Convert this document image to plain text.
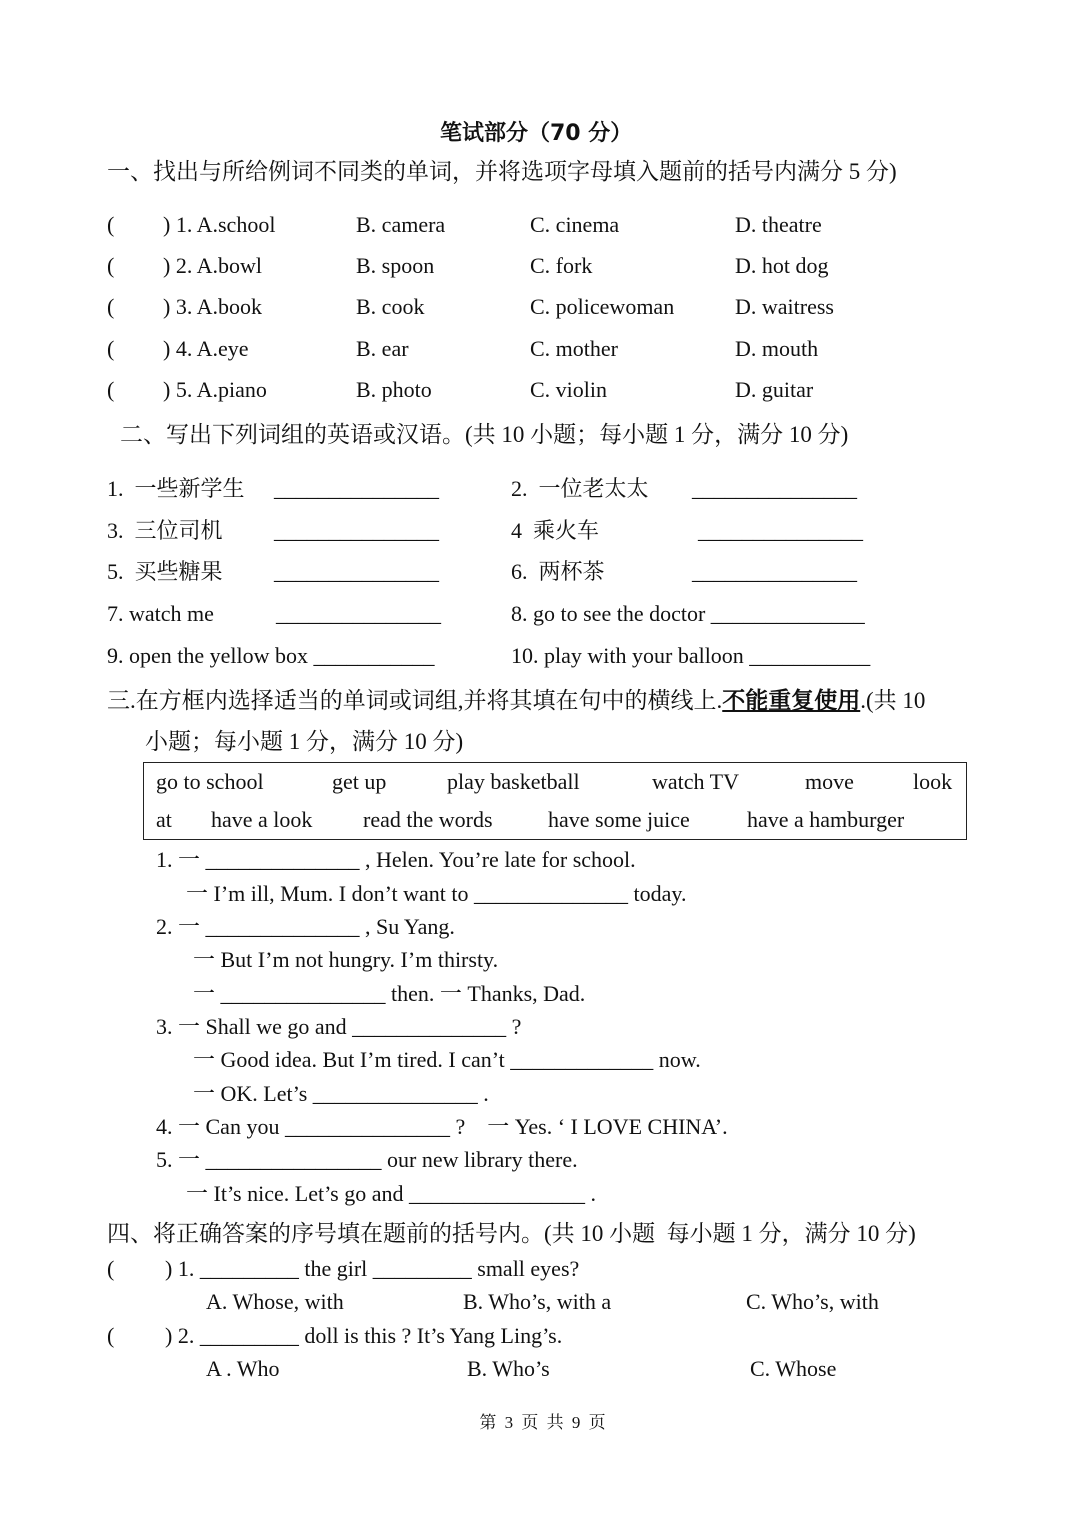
笔试部分（70 分）
一、找出与所给例词不同类的单词，并将选项字母填入题前的括号内满分 5 分)
( ) 1. A.school	B. camera	C. cinema	D. theatre
( ) 2. A.bowl	B. spoon	C. fork	D. hot dog
( ) 3. A.book	B. cook	C. policewoman	D. waitress
( ) 4. A.eye	B. ear	C. mother	D. mouth
( ) 5. A.piano	B. photo	C. violin	D. guitar
二、写出下列词组的英语或汉语。(共 10 小题；每小题 1 分，满分 10 分)
1.  一些新学生 _______________	2.  一位老太太 _______________
3.  三位司机 _______________	4  乘火车	_______________
5.  买些糖果 _______________	6.  两杯茶	_______________
7. watch me	_______________	8. go to see the doctor ______________
9. open the yellow box ___________	10. play with your balloon ___________
三.在方框内选择适当的单词或词组,并将其填在句中的横线上.不能重复使用.(共 10
小题；每小题 1 分，满分 10 分)
go to school	get up	play basketball	watch TV	move	look
at have a look read the words	have some juice	have a hamburger
1. 一 ______________ , Helen. You’re late for school.
一 I’m ill, Mum. I don’t want to ______________ today.
2. 一 ______________ , Su Yang.
一 But I’m not hungry. I’m thirsty.
一 _______________ then. 一 Thanks, Dad.
3. 一 Shall we go and ______________ ?
一 Good idea. But I’m tired. I can’t _____________ now.
一 OK. Let’s _______________ .
4. 一 Can you _______________ ?    一 Yes. ‘ I LOVE CHINA’.
5. 一 ________________ our new library there.
一 It’s nice. Let’s go and ________________ .
四、将正确答案的序号填在题前的括号内。(共 10 小题  每小题 1 分，满分 10 分)
( ) 1. _________ the girl _________ small eyes?
A. Whose, with	B. Who’s, with a	C. Who’s, with
( ) 2. _________ doll is this ? It’s Yang Ling’s.
A . Who	B. Who’s	C. Whose
第 3 页 共 9 页
